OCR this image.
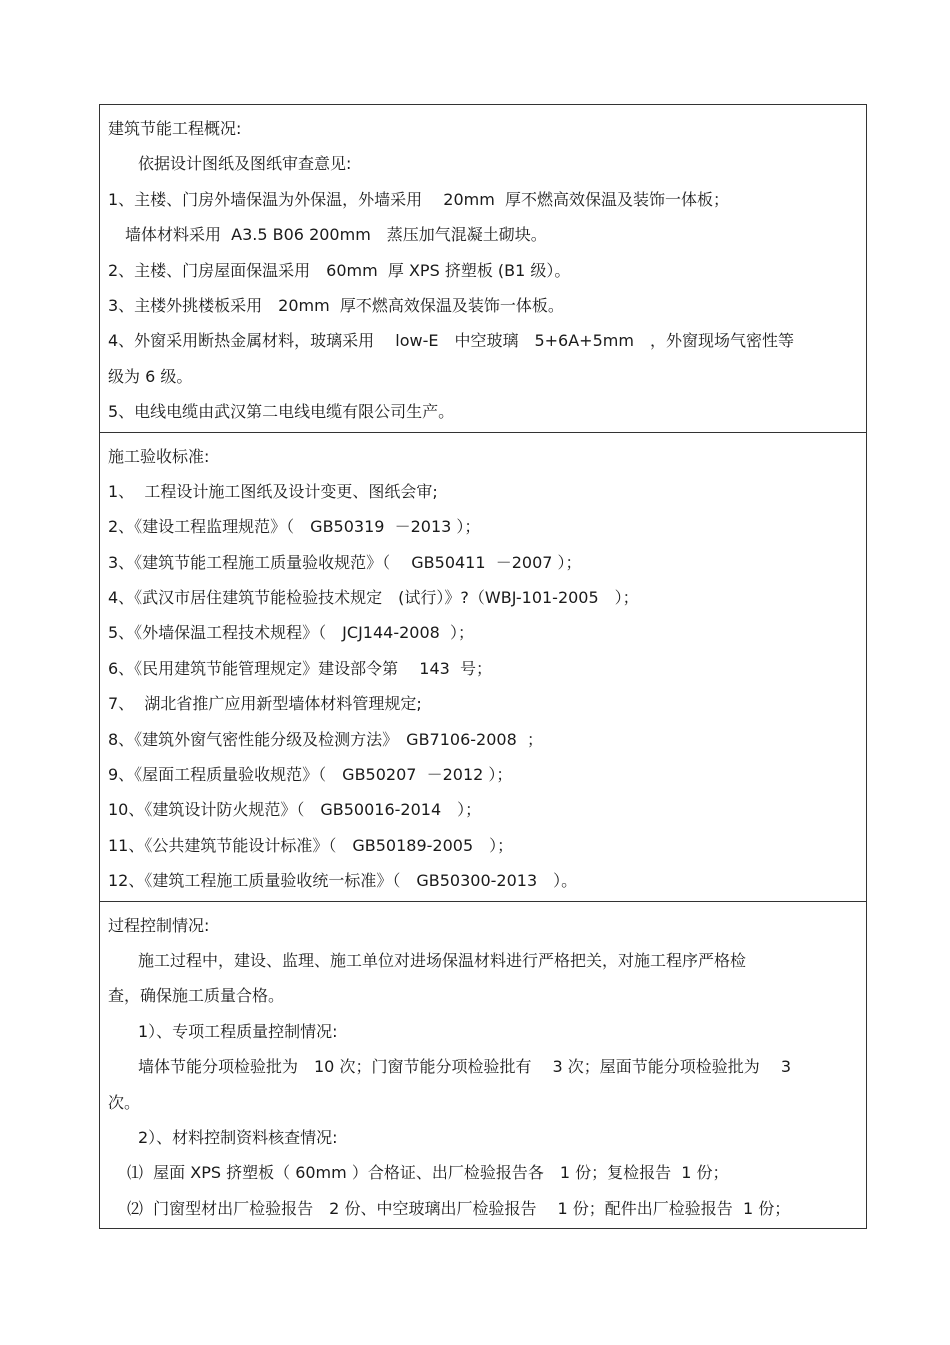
建筑节能工程概况:
依据设计图纸及图纸审查意见:
1、主楼、门房外墙保温为外保温，外墙采用　 20mm  厚不燃高效保温及装饰一体板；
墙体材料采用  A3.5 B06 200mm　蒸压加气混凝土砌块。
2、主楼、门房屋面保温采用　60mm  厚 XPS 挤塑板 (B1 级）。
3、主楼外挑楼板采用　20mm  厚不燃高效保温及装饰一体板。
4、外窗采用断热金属材料，玻璃采用　 low-E　中空玻璃　5+6A+5mm　，外窗现场气密性等
级为 6 级。
5、电线电缆由武汉第二电线电缆有限公司生产。
施工验收标准:
1、  工程设计施工图纸及设计变更、图纸会审;
2、《建设工程监理规范》（　GB50319  －2013 ）；
3、《建筑节能工程施工质量验收规范》（　 GB50411  －2007 ）；
4、《武汉市居住建筑节能检验技术规定　(试行）》?（WBJ-101-2005　）；
5、《外墙保温工程技术规程》（　JCJ144-2008  ）；
6、《民用建筑节能管理规定》建设部令第　 143  号；
7、  湖北省推广应用新型墙体材料管理规定;
8、《建筑外窗气密性能分级及检测方法》　GB7106-2008  ；
9、《屋面工程质量验收规范》（　GB50207  －2012 ）；
10、《建筑设计防火规范》（　GB50016-2014　）；
11、《公共建筑节能设计标准》（　GB50189-2005　）；
12、《建筑工程施工质量验收统一标准》（　GB50300-2013　）。
过程控制情况:
施工过程中，建设、监理、施工单位对进场保温材料进行严格把关，对施工程序严格检
查，确保施工质量合格。
1）、专项工程质量控制情况:
墙体节能分项检验批为　10 次；门窗节能分项检验批有　 3 次；屋面节能分项检验批为　 3
次。
2）、材料控制资料核查情况:
⑴  屋面 XPS 挤塑板（ 60mm ）合格证、出厂检验报告各　1 份；复检报告  1 份；
⑵  门窗型材出厂检验报告　2 份、中空玻璃出厂检验报告　 1 份；配件出厂检验报告  1 份；
